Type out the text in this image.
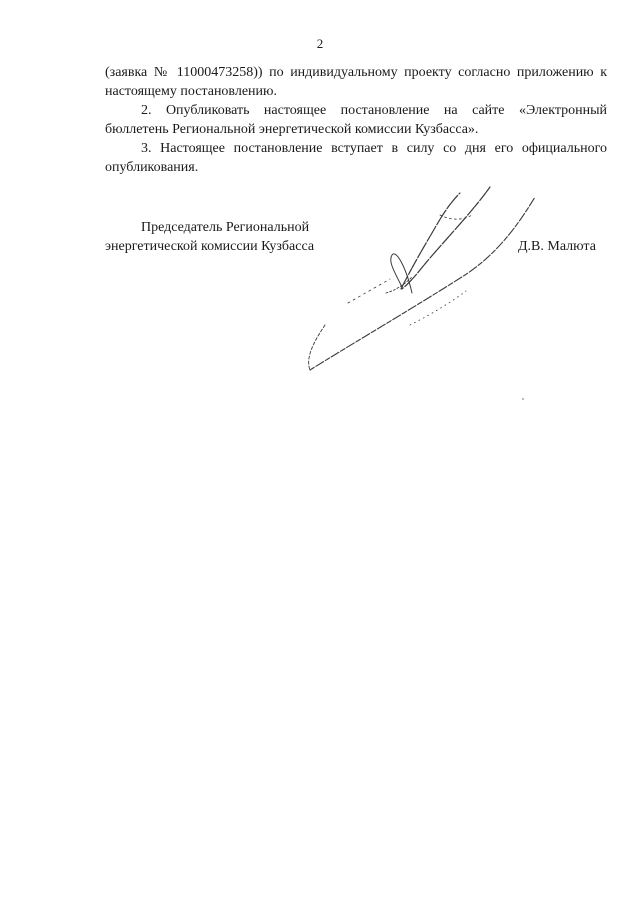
2

(заявка № 11000473258)) по индивидуальному проекту согласно приложению к настоящему постановлению.

2. Опубликовать настоящее постановление на сайте «Электронный бюллетень Региональной энергетической комиссии Кузбасса».

3. Настоящее постановление вступает в силу со дня его официального опубликования.

Председатель Региональной
энергетической комиссии Кузбасса	Д.В. Малюта
